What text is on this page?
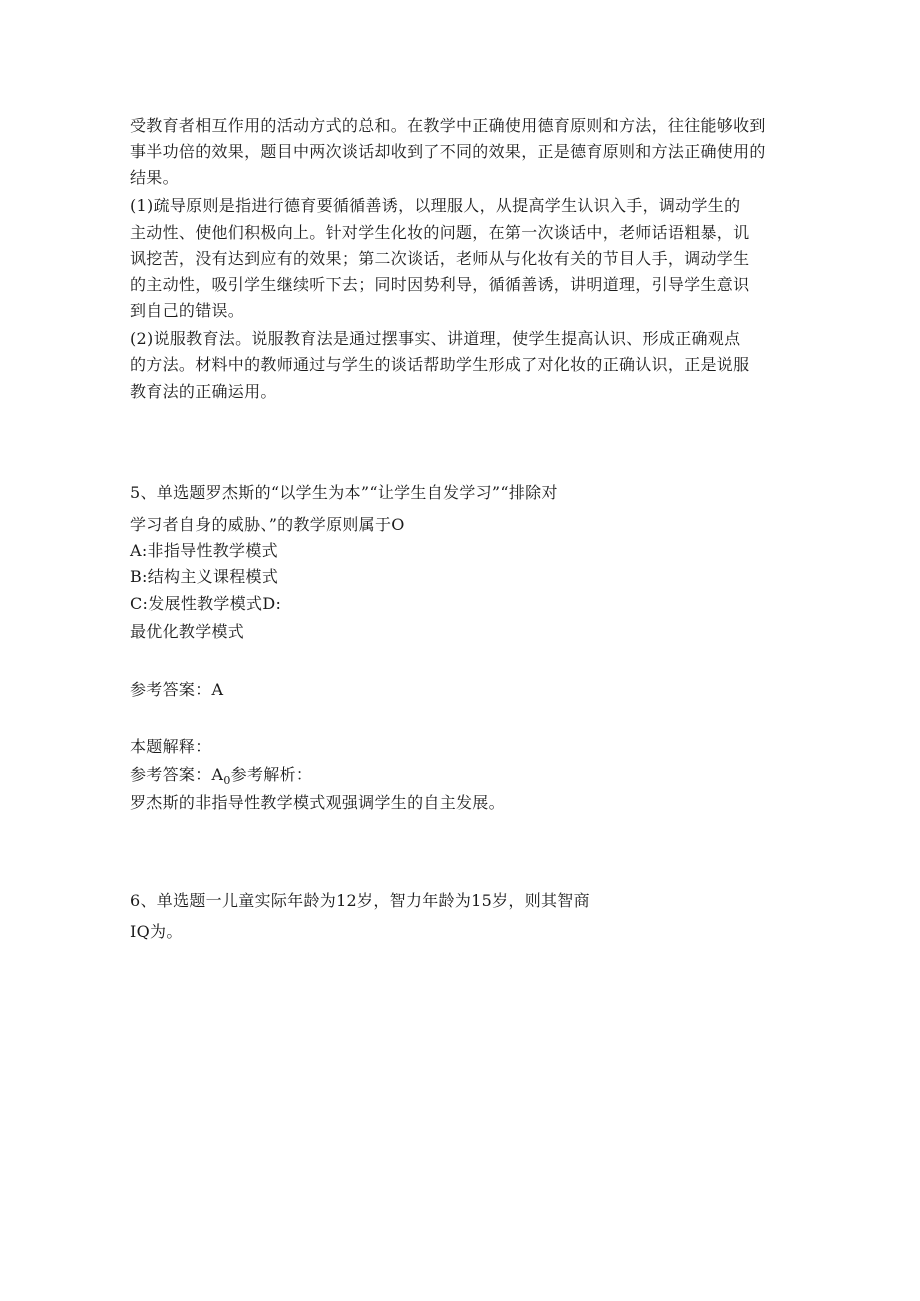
受教育者相互作用的活动方式的总和。在教学中正确使用德育原则和方法，往往能够收到
事半功倍的效果，题目中两次谈话却收到了不同的效果，正是德育原则和方法正确使用的
结果。
(1)疏导原则是指进行德育要循循善诱，以理服人，从提高学生认识入手，调动学生的
主动性、使他们积极向上。针对学生化妆的问题，在第一次谈话中，老师话语粗暴，讥
讽挖苦，没有达到应有的效果；第二次谈话，老师从与化妆有关的节目人手，调动学生
的主动性，吸引学生继续听下去；同时因势利导，循循善诱，讲明道理，引导学生意识
到自己的错误。
(2)说服教育法。说服教育法是通过摆事实、讲道理，使学生提高认识、形成正确观点
的方法。材料中的教师通过与学生的谈话帮助学生形成了对化妆的正确认识，正是说服
教育法的正确运用。
5、单选题罗杰斯的“以学生为本”“让学生自发学习”“排除对
学习者自身的威胁、”的教学原则属于O
A:非指导性教学模式
B:结构主义课程模式
C:发展性教学模式D:
最优化教学模式
参考答案：A
本题解释：
参考答案：$A_0$参考解析：
罗杰斯的非指导性教学模式观强调学生的自主发展。
6、单选题一儿童实际年龄为12岁，智力年龄为15岁，则其智商
IQ为。
